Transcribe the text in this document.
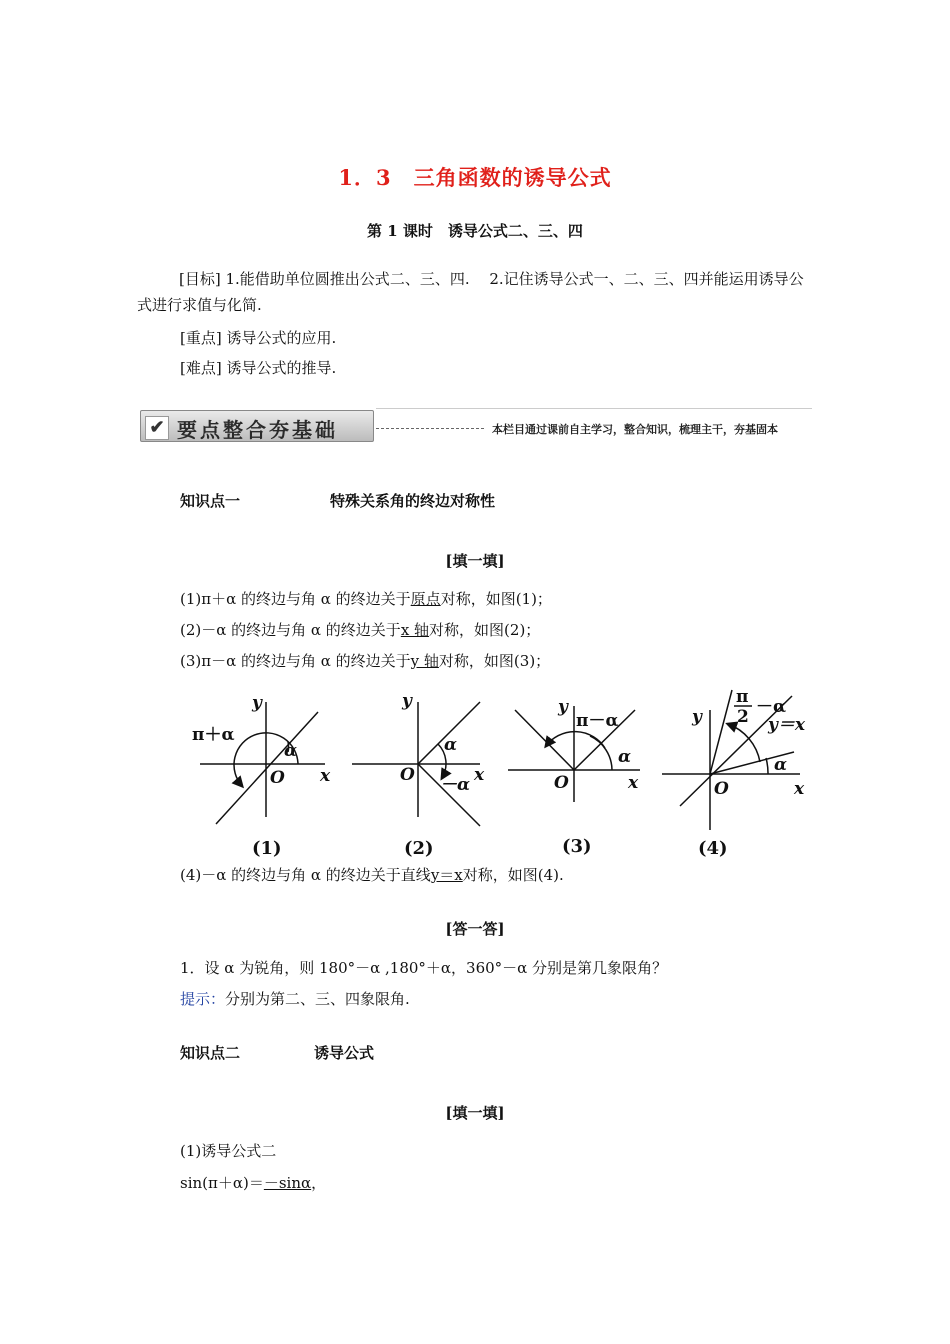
1．3　三角函数的诱导公式
第 1 课时　诱导公式二、三、四
[目标] 1.能借助单位圆推出公式二、三、四.　 2.记住诱导公式一、二、三、四并能运用诱导公式进行求值与化简.
[重点] 诱导公式的应用.
[难点] 诱导公式的推导.
✔ 要点整合夯基础	本栏目通过课前自主学习，整合知识，梳理主干，夯基固本
知识点一	特殊关系角的终边对称性
[填一填]
(1)π＋α 的终边与角 α 的终边关于原点对称，如图(1)；
(2)－α 的终边与角 α 的终边关于x 轴对称，如图(2)；
(3)π－α 的终边与角 α 的终边关于y 轴对称，如图(3)；
y
x
O
α
π＋α
y
x
O
α
－α
y
x
O
α
π－α	y
x
O
α
π
2 －α
y＝x
(1)	(2)	(3)	(4)
(4)－α 的终边与角 α 的终边关于直线y＝x对称，如图(4).
[答一答]
1．设 α 为锐角，则 180°－α ,180°＋α，360°－α 分别是第几象限角？
提示：分别为第二、三、四象限角.
知识点二	诱导公式
[填一填]
(1)诱导公式二
sin(π＋α)＝－sinα，
